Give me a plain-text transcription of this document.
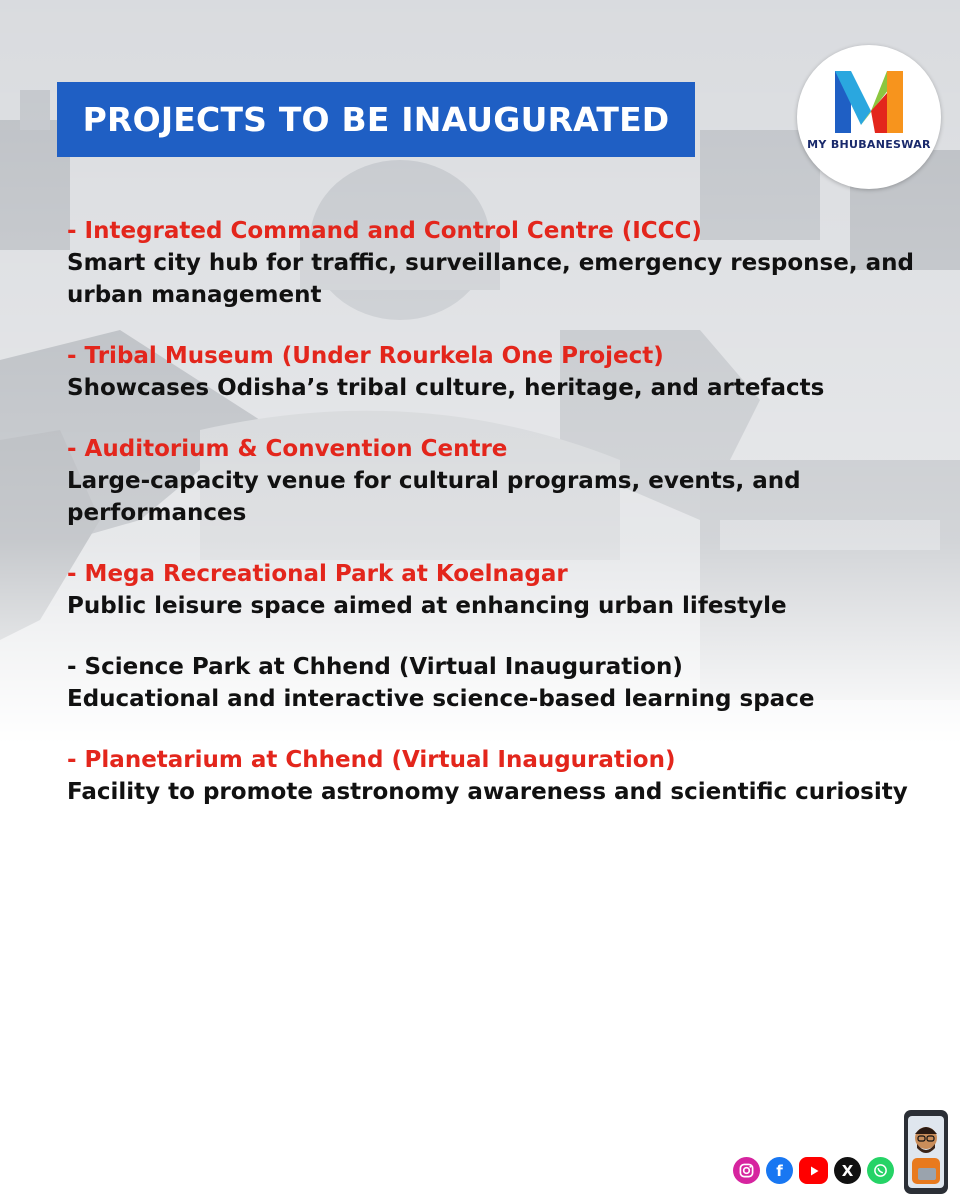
PROJECTS TO BE INAUGURATED
MY BHUBANESWAR
- Integrated Command and Control Centre (ICCC)
Smart city hub for traffic, surveillance, emergency response, and urban management
- Tribal Museum (Under Rourkela One Project)
Showcases Odisha’s tribal culture, heritage, and artefacts
- Auditorium & Convention Centre
Large-capacity venue for cultural programs, events, and performances
- Mega Recreational Park at Koelnagar
Public leisure space aimed at enhancing urban lifestyle
- Science Park at Chhend (Virtual Inauguration)
Educational and interactive science-based learning space
- Planetarium at Chhend (Virtual Inauguration)
Facility to promote astronomy awareness and scientific curiosity
f	X
